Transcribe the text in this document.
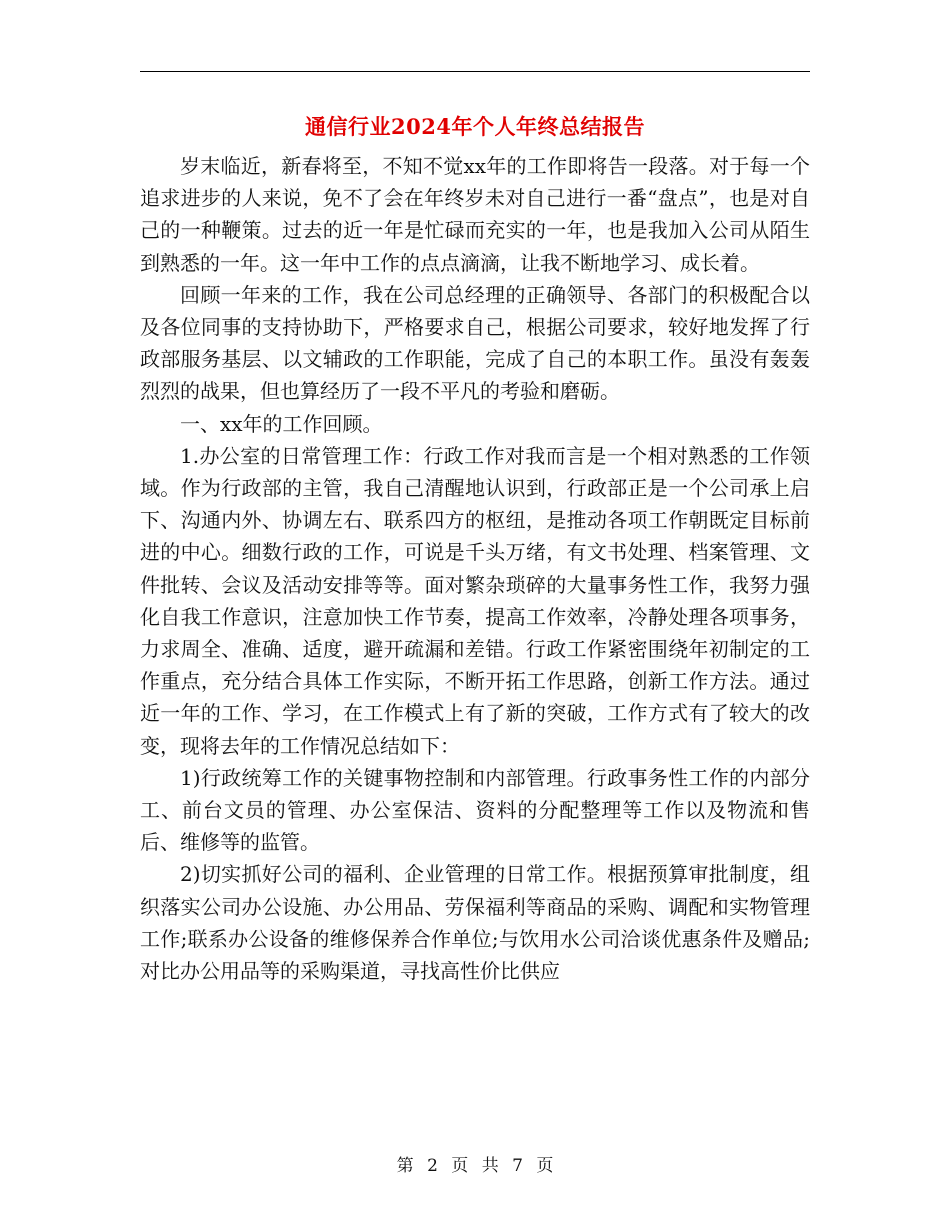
通信行业2024年个人年终总结报告

岁末临近，新春将至，不知不觉xx年的工作即将告一段落。对于每一个追求进步的人来说，免不了会在年终岁未对自己进行一番“盘点”，也是对自己的一种鞭策。过去的近一年是忙碌而充实的一年，也是我加入公司从陌生到熟悉的一年。这一年中工作的点点滴滴，让我不断地学习、成长着。

回顾一年来的工作，我在公司总经理的正确领导、各部门的积极配合以及各位同事的支持协助下，严格要求自己，根据公司要求，较好地发挥了行政部服务基层、以文辅政的工作职能，完成了自己的本职工作。虽没有轰轰烈烈的战果，但也算经历了一段不平凡的考验和磨砺。

一、xx年的工作回顾。

1.办公室的日常管理工作：行政工作对我而言是一个相对熟悉的工作领域。作为行政部的主管，我自己清醒地认识到，行政部正是一个公司承上启下、沟通内外、协调左右、联系四方的枢纽，是推动各项工作朝既定目标前进的中心。细数行政的工作，可说是千头万绪，有文书处理、档案管理、文件批转、会议及活动安排等等。面对繁杂琐碎的大量事务性工作，我努力强化自我工作意识，注意加快工作节奏，提高工作效率，冷静处理各项事务，力求周全、准确、适度，避开疏漏和差错。行政工作紧密围绕年初制定的工作重点，充分结合具体工作实际，不断开拓工作思路，创新工作方法。通过近一年的工作、学习，在工作模式上有了新的突破，工作方式有了较大的改变，现将去年的工作情况总结如下：

1)行政统筹工作的关键事物控制和内部管理。行政事务性工作的内部分工、前台文员的管理、办公室保洁、资料的分配整理等工作以及物流和售后、维修等的监管。

2)切实抓好公司的福利、企业管理的日常工作。根据预算审批制度，组织落实公司办公设施、办公用品、劳保福利等商品的采购、调配和实物管理工作;联系办公设备的维修保养合作单位;与饮用水公司洽谈优惠条件及赠品;对比办公用品等的采购渠道，寻找高性价比供应

第 2 页 共 7 页
